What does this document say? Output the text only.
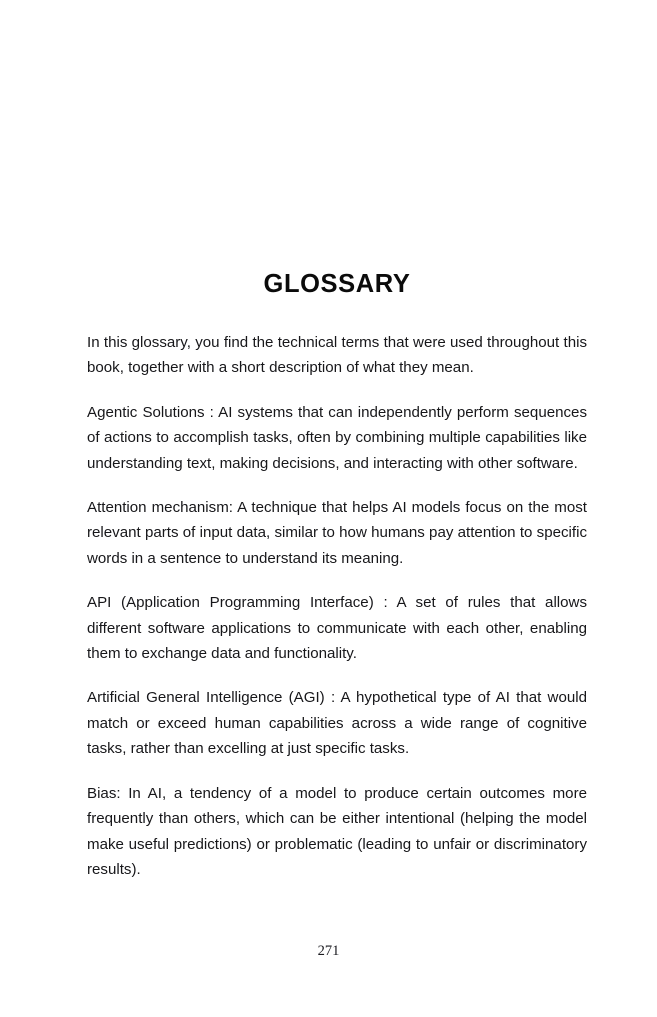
GLOSSARY

In this glossary, you find the technical terms that were used throughout this book, together with a short description of what they mean.

Agentic Solutions : AI systems that can independently perform sequences of actions to accomplish tasks, often by combining multiple capabilities like understanding text, making decisions, and interacting with other software.

Attention mechanism: A technique that helps AI models focus on the most relevant parts of input data, similar to how humans pay attention to specific words in a sentence to understand its meaning.

API (Application Programming Interface) : A set of rules that allows different software applications to communicate with each other, enabling them to exchange data and functionality.

Artificial General Intelligence (AGI) : A hypothetical type of AI that would match or exceed human capabilities across a wide range of cognitive tasks, rather than excelling at just specific tasks.

Bias: In AI, a tendency of a model to produce certain outcomes more frequently than others, which can be either intentional (helping the model make useful predictions) or problematic (leading to unfair or discriminatory results).

271
